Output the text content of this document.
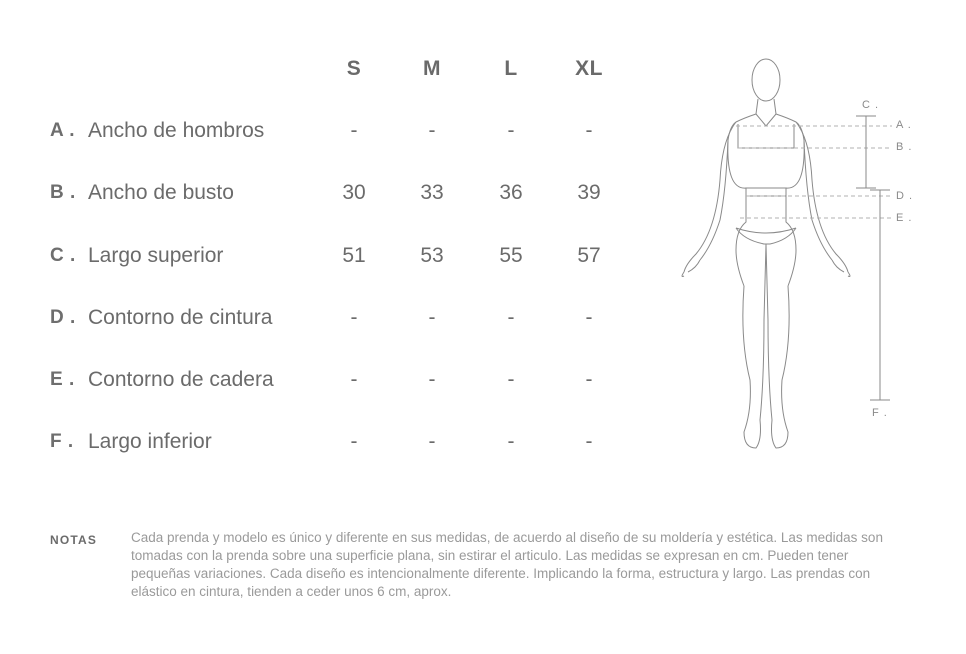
S	M	L	XL
A . Ancho de hombros	-	-	-	-
B . Ancho de busto	30	33	36	39
C . Largo superior	51	53	55	57
D . Contorno de cintura	-	-	-	-
E . Contorno de cadera	-	-	-	-
F . Largo inferior	-	-	-	-
C .
A .
B .
D .
E .
F .
NOTAS	Cada prenda y modelo es único y diferente en sus medidas, de acuerdo al diseño de su moldería y estética. Las medidas son tomadas con la prenda sobre una superficie plana, sin estirar el articulo. Las medidas se expresan en cm. Pueden tener pequeñas variaciones. Cada diseño es intencionalmente diferente. Implicando la forma, estructura y largo. Las prendas con elástico en cintura, tienden a ceder unos 6 cm, aprox.
